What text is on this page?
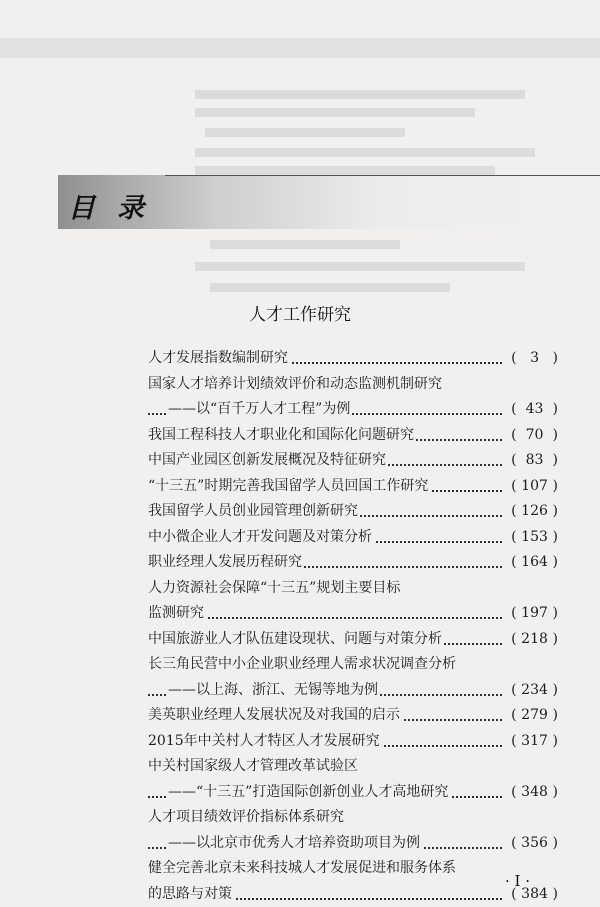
目录
人才工作研究
人才发展指数编制研究	( 3 )
国家人才培养计划绩效评价和动态监测机制研究
——以“百千万人才工程”为例	( 43 )
我国工程科技人才职业化和国际化问题研究	( 70 )
中国产业园区创新发展概况及特征研究	( 83 )
“十三五”时期完善我国留学人员回国工作研究	( 107 )
我国留学人员创业园管理创新研究	( 126 )
中小微企业人才开发问题及对策分析	( 153 )
职业经理人发展历程研究	( 164 )
人力资源社会保障“十三五”规划主要目标
监测研究	( 197 )
中国旅游业人才队伍建设现状、问题与对策分析	( 218 )
长三角民营中小企业职业经理人需求状况调查分析
——以上海、浙江、无锡等地为例	( 234 )
美英职业经理人发展状况及对我国的启示	( 279 )
2015年中关村人才特区人才发展研究	( 317 )
中关村国家级人才管理改革试验区
——“十三五”打造国际创新创业人才高地研究	( 348 )
人才项目绩效评价指标体系研究
——以北京市优秀人才培养资助项目为例	( 356 )
健全完善北京未来科技城人才发展促进和服务体系
的思路与对策	( 384 )
· I ·
